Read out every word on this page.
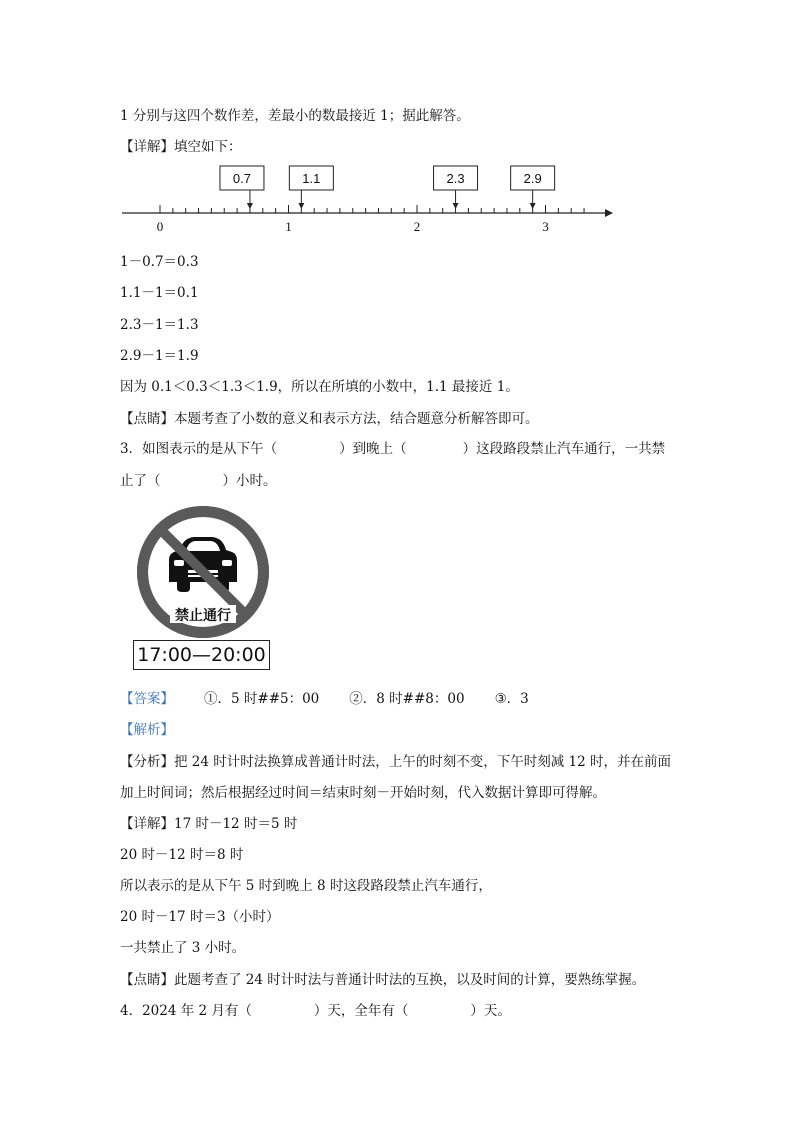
1 分别与这四个数作差，差最小的数最接近 1；据此解答。
【详解】填空如下：
0	1	2	3
0.7	1.1	2.3	2.9
1－0.7＝0.3
1.1－1＝0.1
2.3－1＝1.3
2.9－1＝1.9
因为 0.1＜0.3＜1.3＜1.9，所以在所填的小数中，1.1 最接近 1。
【点睛】本题考查了小数的意义和表示方法，结合题意分析解答即可。
3．如图表示的是从下午（	）到晚上（	）这段路段禁止汽车通行，一共禁
止了（	）小时。
禁止通行
17:00—20:00
【答案】 ①．5 时##5：00 ②．8 时##8：00 ③．3
【解析】
【分析】把 24 时计时法换算成普通计时法，上午的时刻不变，下午时刻减 12 时，并在前面
加上时间词；然后根据经过时间＝结束时刻－开始时刻，代入数据计算即可得解。
【详解】17 时－12 时＝5 时
20 时－12 时＝8 时
所以表示的是从下午 5 时到晚上 8 时这段路段禁止汽车通行，
20 时－17 时＝3（小时）
一共禁止了 3 小时。
【点睛】此题考查了 24 时计时法与普通计时法的互换，以及时间的计算，要熟练掌握。
4．2024 年 2 月有（	）天，全年有（	）天。
